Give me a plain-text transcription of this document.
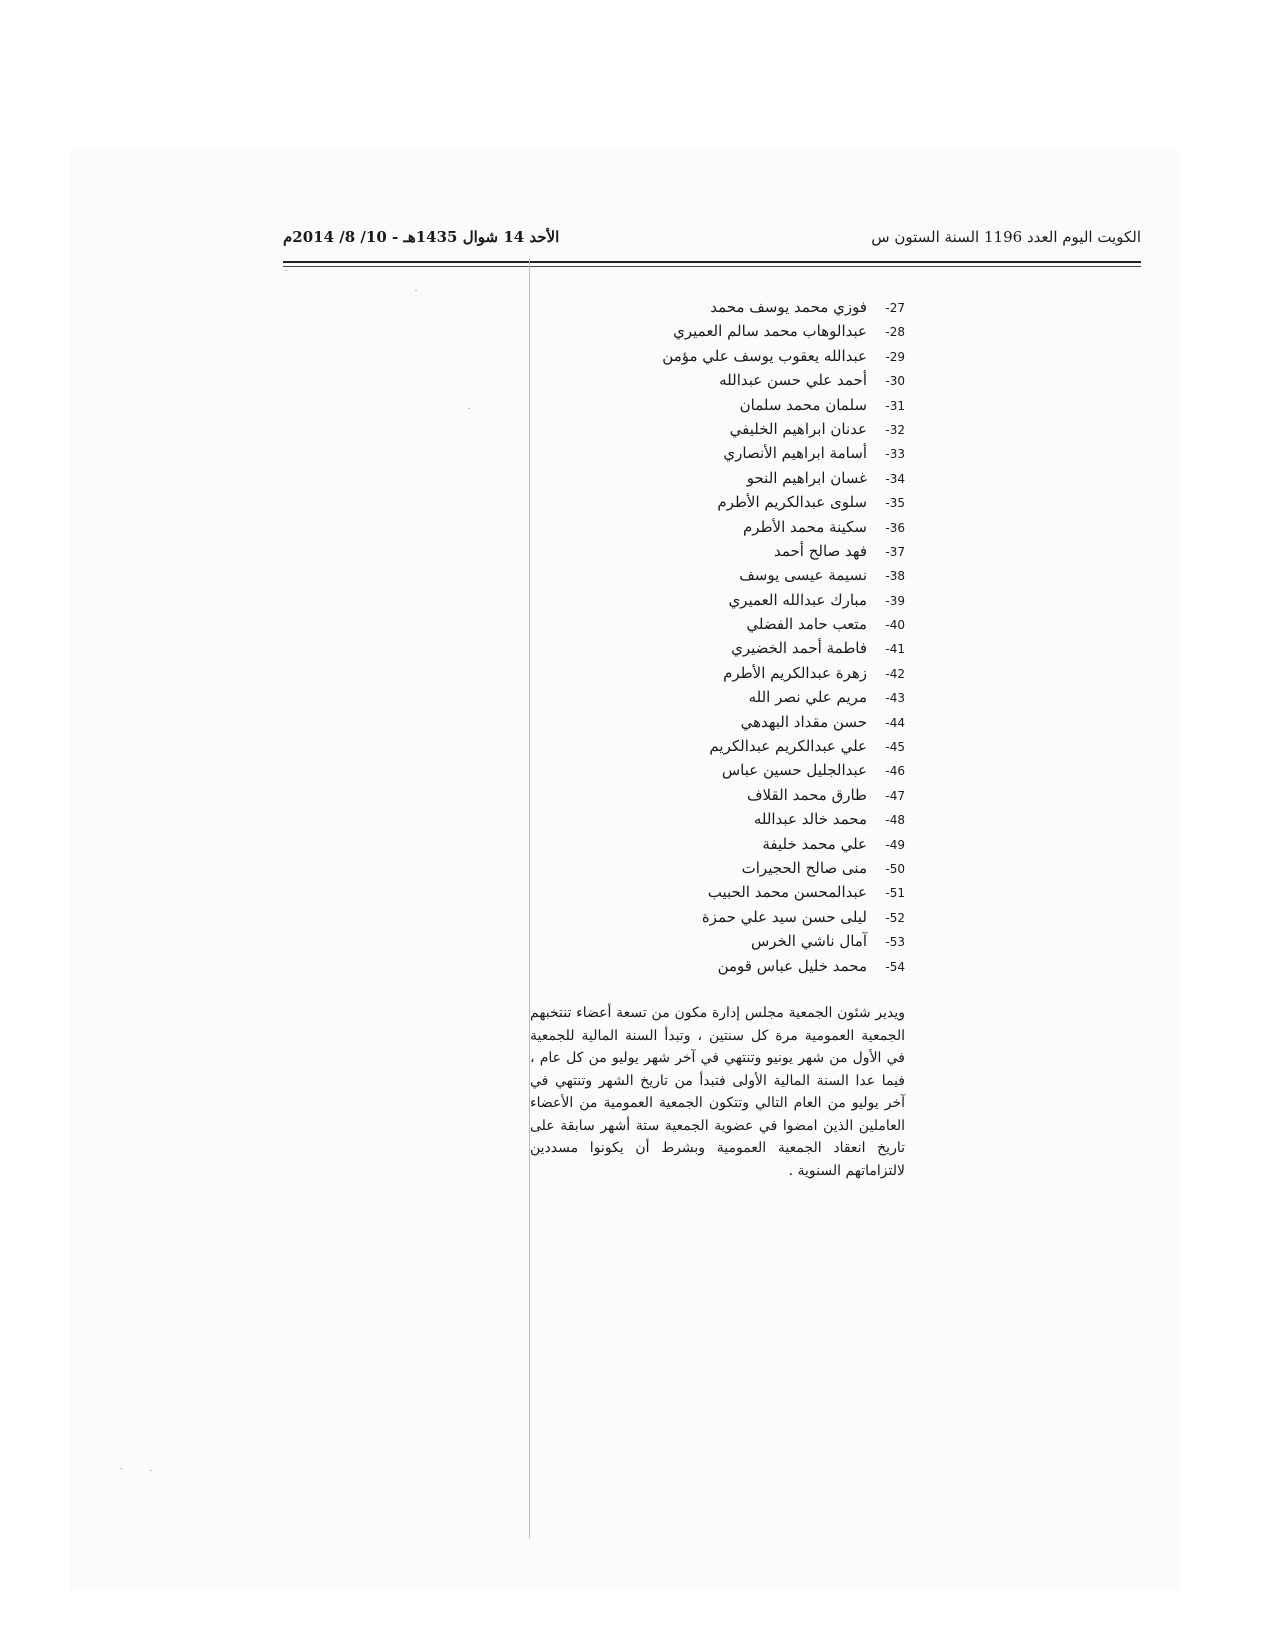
الكويت اليوم العدد 1196 السنة الستون س
الأحد 14 شوال 1435هـ - 10/ 8/ 2014م
27-فوزي محمد يوسف محمد
28-عبدالوهاب محمد سالم العميري
29-عبدالله يعقوب يوسف علي مؤمن
30-أحمد علي حسن عبدالله
31-سلمان محمد سلمان
32-عدنان ابراهيم الخليفي
33-أسامة ابراهيم الأنصاري
34-غسان ابراهيم النحو
35-سلوى عبدالكريم الأطرم
36-سكينة محمد الأطرم
37-فهد صالح أحمد
38-نسيمة عيسى يوسف
39-مبارك عبدالله العميري
40-متعب حامد الفضلي
41-فاطمة أحمد الخضيري
42-زهرة عبدالكريم الأطرم
43-مريم علي نصر الله
44-حسن مقداد البهدهي
45-علي عبدالكريم عبدالكريم
46-عبدالجليل حسين عباس
47-طارق محمد القلاف
48-محمد خالد عبدالله
49-علي محمد خليفة
50-منى صالح الحجيرات
51-عبدالمحسن محمد الحبيب
52-ليلى حسن سيد علي حمزة
53-آمال ناشي الخرس
54-محمد خليل عباس قومن

ويدير شئون الجمعية مجلس إدارة مكون من تسعة أعضاء تنتخبهم الجمعية العمومية مرة كل سنتين ، وتبدأ السنة المالية للجمعية في الأول من شهر يونيو وتنتهي في آخر شهر يوليو من كل عام ، فيما عدا السنة المالية الأولى فتبدأ من تاريخ الشهر وتنتهي في آخر يوليو من العام التالي وتتكون الجمعية العمومية من الأعضاء العاملين الذين امضوا في عضوية الجمعية ستة أشهر سابقة على تاريخ انعقاد الجمعية العمومية وبشرط أن يكونوا مسددين لالتزاماتهم السنوية .
